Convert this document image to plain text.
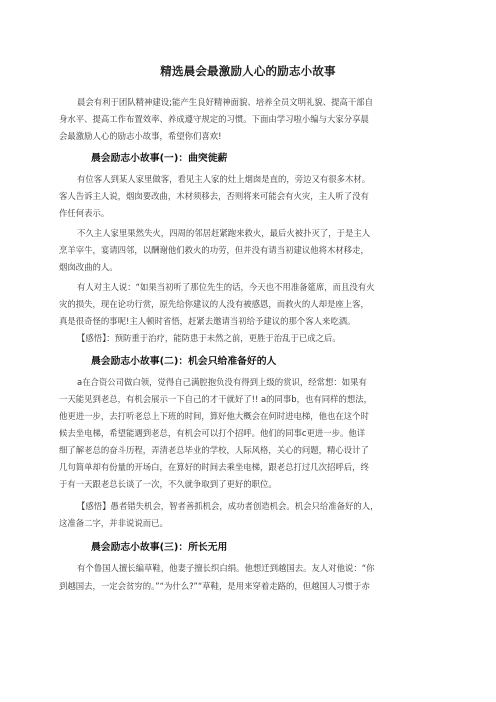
精选晨会最激励人心的励志小故事
晨会有利于团队精神建设;能产生良好精神面貌、培养全员文明礼貌、提高干部自
身水平、提高工作布置效率、养成遵守规定的习惯。下面由学习啦小编与大家分享晨
会最激励人心的励志小故事，希望你们喜欢!
晨会励志小故事(一)：曲突徙薪
有位客人到某人家里做客，看见主人家的灶上烟囱是直的，旁边又有很多木材。
客人告诉主人说，烟囱要改曲，木材须移去，否则将来可能会有火灾，主人听了没有
作任何表示。
不久主人家里果然失火，四周的邻居赶紧跑来救火，最后火被扑灭了，于是主人
烹羊宰牛，宴请四邻，以酬谢他们救火的功劳，但并没有请当初建议他将木材移走，
烟囱改曲的人。
有人对主人说：“如果当初听了那位先生的话，今天也不用准备筵席，而且没有火
灾的损失，现在论功行赏，原先给你建议的人没有被感恩，而救火的人却是座上客，
真是很奇怪的事呢!主人顿时省悟，赶紧去邀请当初给予建议的那个客人来吃酒。
【感悟】：预防重于治疗，能防患于未然之前，更胜于治乱于已成之后。
晨会励志小故事(二)：机会只给准备好的人
a在合资公司做白领，觉得自己满腔抱负没有得到上级的赏识，经常想：如果有
一天能见到老总，有机会展示一下自己的才干就好了!! a的同事b，也有同样的想法，
他更进一步，去打听老总上下班的时间，算好他大概会在何时进电梯，他也在这个时
候去坐电梯，希望能遇到老总，有机会可以打个招呼。他们的同事c更进一步。他详
细了解老总的奋斗历程，弄清老总毕业的学校，人际风格，关心的问题，精心设计了
几句简单却有份量的开场白，在算好的时间去乘坐电梯，跟老总打过几次招呼后，终
于有一天跟老总长谈了一次，不久就争取到了更好的职位。
【感悟】愚者错失机会，智者善抓机会，成功者创造机会。机会只给准备好的人，
这准备二字，并非说说而已。
晨会励志小故事(三)：所长无用
有个鲁国人擅长编草鞋，他妻子擅长织白绢。他想迁到越国去。友人对他说：“你
到越国去，一定会贫穷的。”“为什么?”“草鞋，是用来穿着走路的，但越国人习惯于赤
